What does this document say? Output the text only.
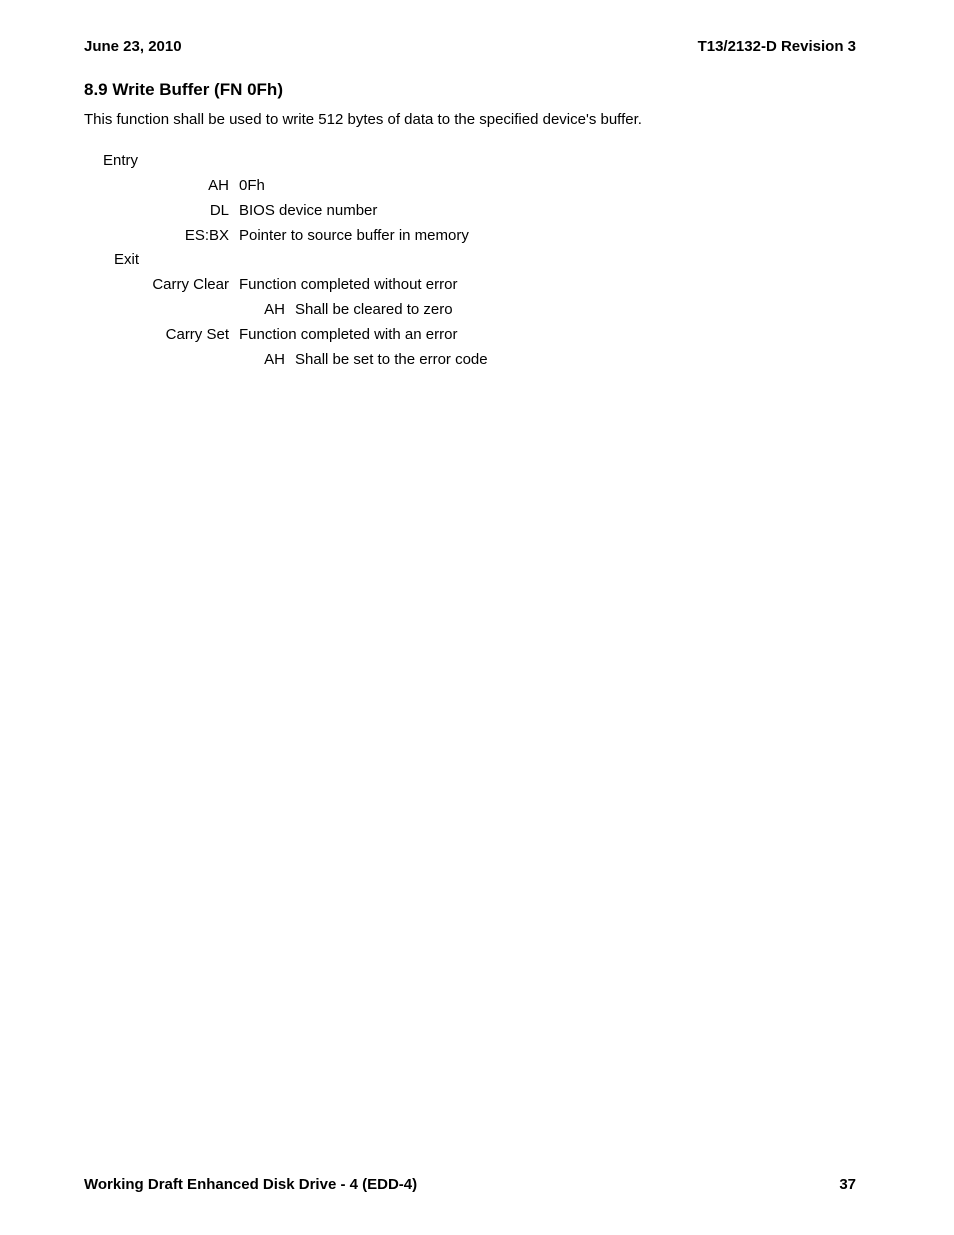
June 23, 2010	T13/2132-D Revision 3
8.9 Write Buffer (FN 0Fh)
This function shall be used to write 512 bytes of data to the specified device's buffer.
Entry
AH 0Fh
DL BIOS device number
ES:BX Pointer to source buffer in memory
Exit
Carry Clear Function completed without error
AH Shall be cleared to zero
Carry Set Function completed with an error
AH Shall be set to the error code
Working Draft Enhanced Disk Drive - 4 (EDD-4)	37
